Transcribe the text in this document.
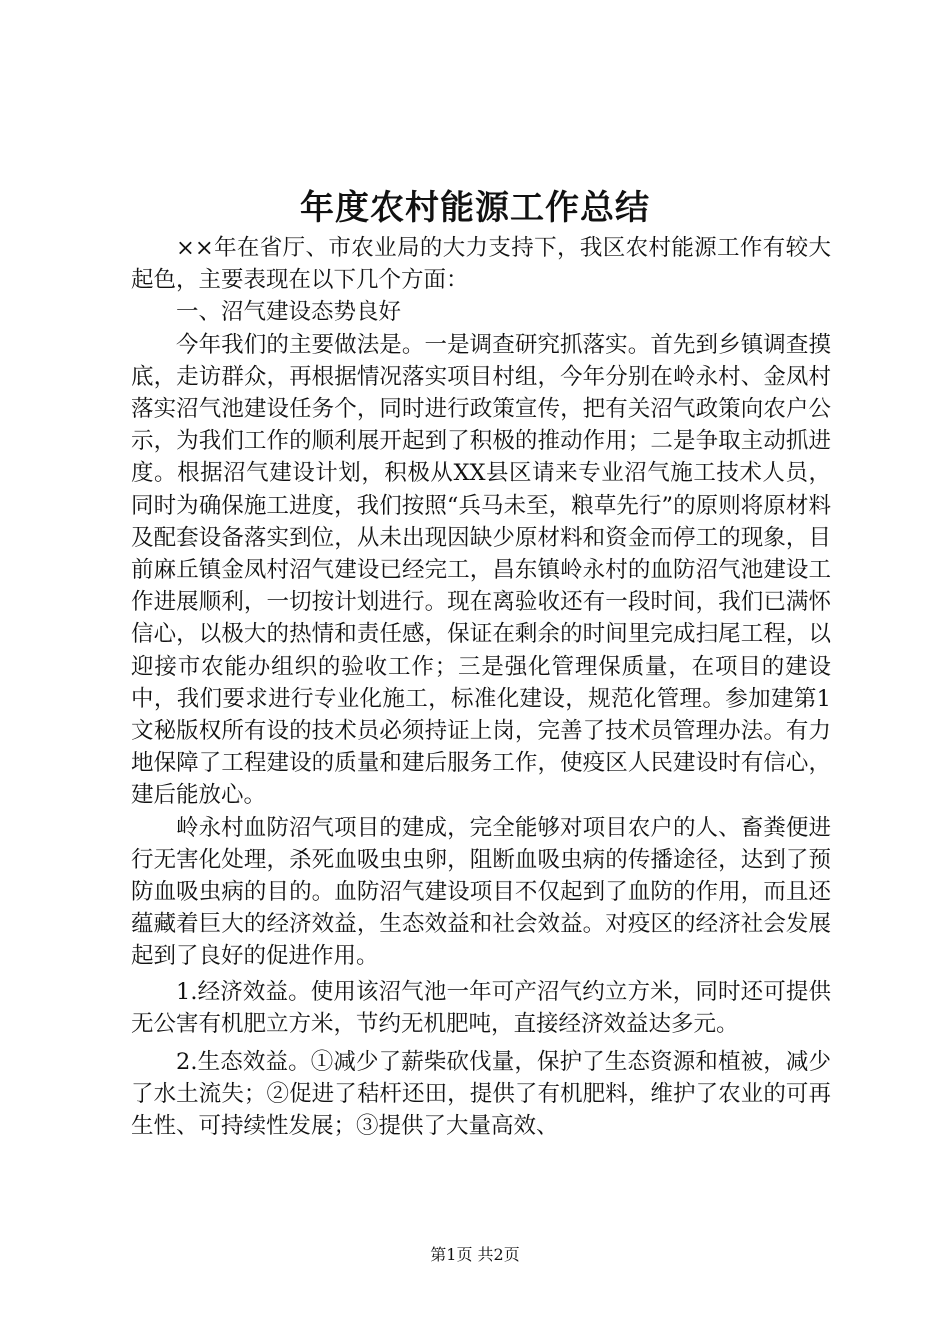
年度农村能源工作总结

××年在省厅、市农业局的大力支持下，我区农村能源工作有较大起色，主要表现在以下几个方面：

一、沼气建设态势良好

今年我们的主要做法是。一是调查研究抓落实。首先到乡镇调查摸底，走访群众，再根据情况落实项目村组，今年分别在岭永村、金凤村落实沼气池建设任务个，同时进行政策宣传，把有关沼气政策向农户公示，为我们工作的顺利展开起到了积极的推动作用；二是争取主动抓进度。根据沼气建设计划，积极从XX县区请来专业沼气施工技术人员，同时为确保施工进度，我们按照“兵马未至，粮草先行”的原则将原材料及配套设备落实到位，从未出现因缺少原材料和资金而停工的现象，目前麻丘镇金凤村沼气建设已经完工，昌东镇岭永村的血防沼气池建设工作进展顺利，一切按计划进行。现在离验收还有一段时间，我们已满怀信心，以极大的热情和责任感，保证在剩余的时间里完成扫尾工程，以迎接市农能办组织的验收工作；三是强化管理保质量，在项目的建设中，我们要求进行专业化施工，标准化建设，规范化管理。参加建第1文秘版权所有设的技术员必须持证上岗，完善了技术员管理办法。有力地保障了工程建设的质量和建后服务工作，使疫区人民建设时有信心，建后能放心。

岭永村血防沼气项目的建成，完全能够对项目农户的人、畜粪便进行无害化处理，杀死血吸虫虫卵，阻断血吸虫病的传播途径，达到了预防血吸虫病的目的。血防沼气建设项目不仅起到了血防的作用，而且还蕴藏着巨大的经济效益，生态效益和社会效益。对疫区的经济社会发展起到了良好的促进作用。

1.经济效益。使用该沼气池一年可产沼气约立方米，同时还可提供无公害有机肥立方米，节约无机肥吨，直接经济效益达多元。

2.生态效益。①减少了薪柴砍伐量，保护了生态资源和植被，减少了水土流失；②促进了秸杆还田，提供了有机肥料，维护了农业的可再生性、可持续性发展；③提供了大量高效、

第1页 共2页
